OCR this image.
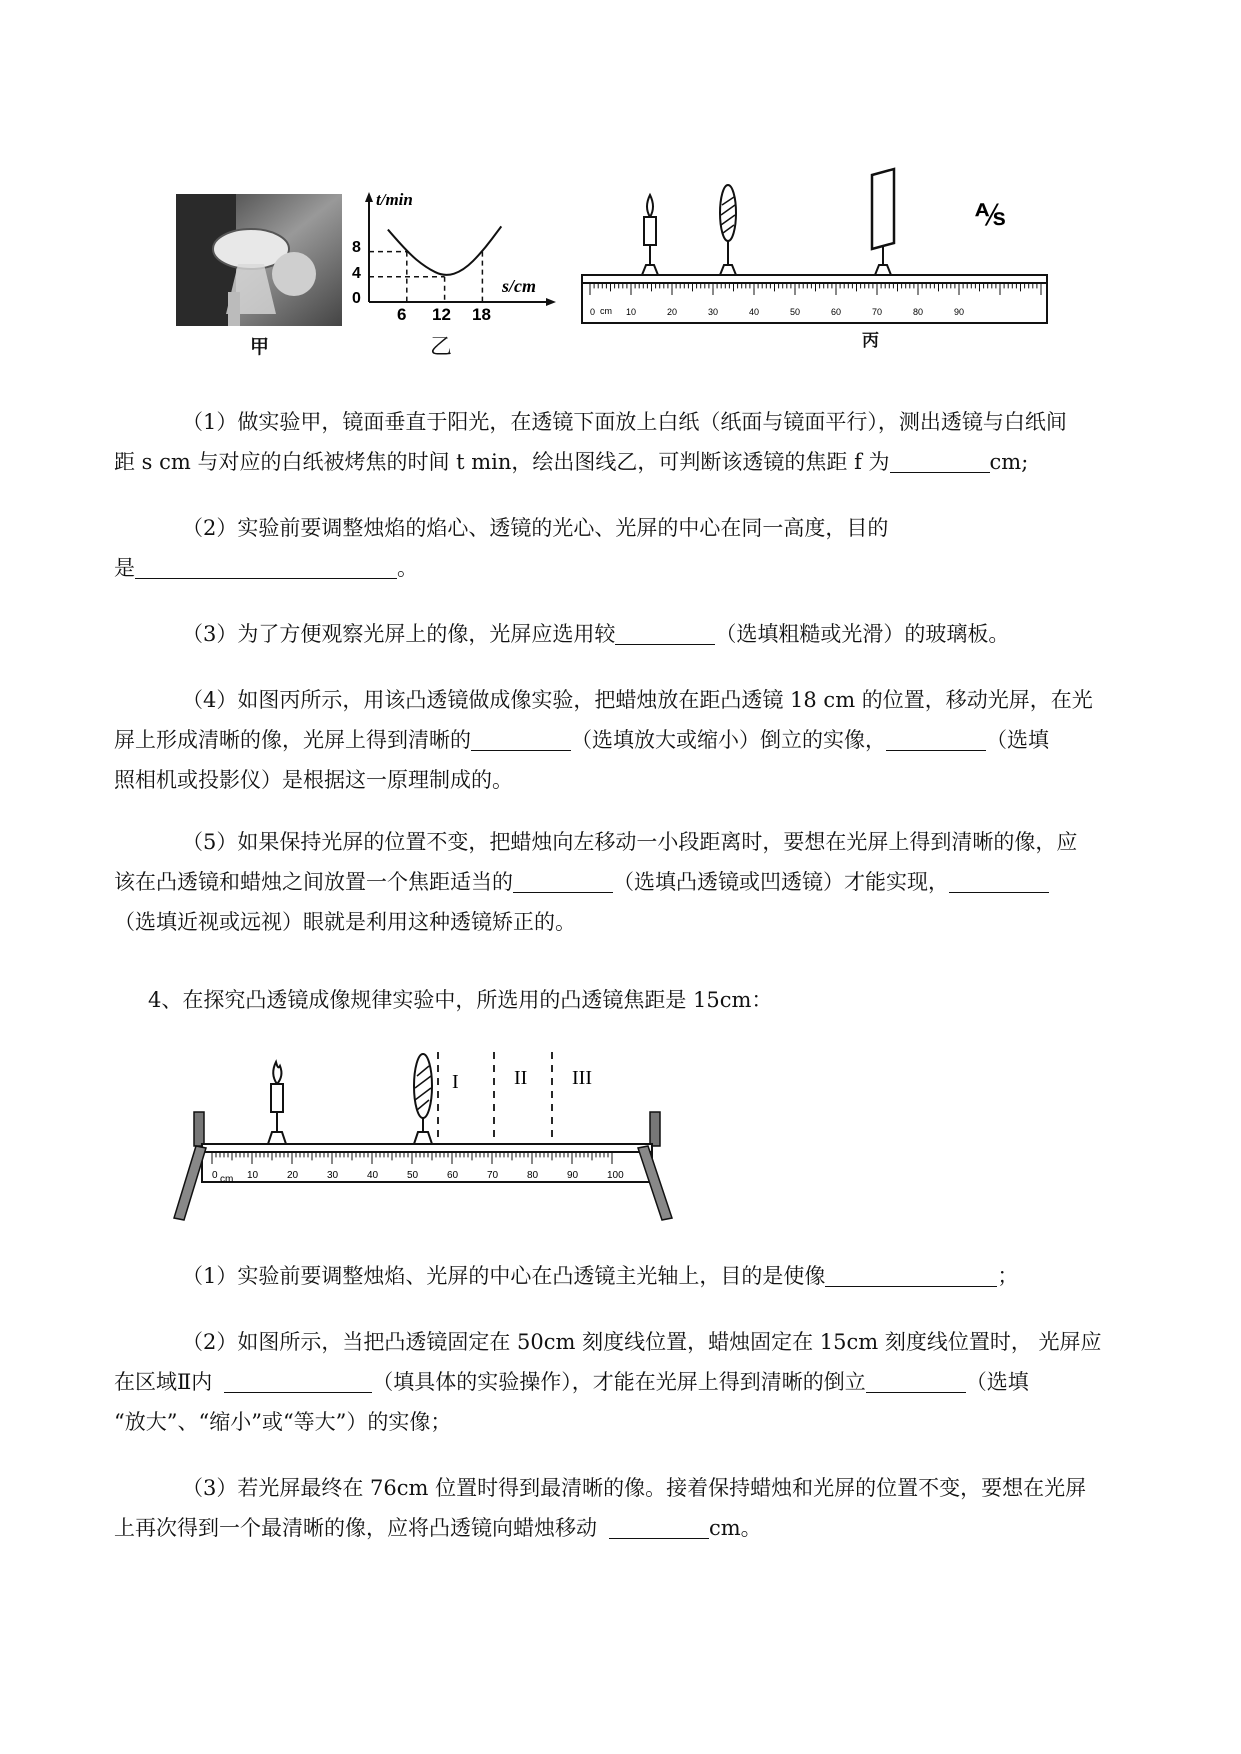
t/min
s/cm
8
4
0
6 12 18
甲	乙
⅍
0	10	20	30	40	50	60	70	80	90
cm
丙
（1）做实验甲，镜面垂直于阳光，在透镜下面放上白纸（纸面与镜面平行），测出透镜与白纸间
距 s cm 与对应的白纸被烤焦的时间 t min，绘出图线乙，可判断该透镜的焦距 f 为	cm;
（2）实验前要调整烛焰的焰心、透镜的光心、光屏的中心在同一高度，目的
是	。
（3）为了方便观察光屏上的像，光屏应选用较	（选填粗糙或光滑）的玻璃板。
（4）如图丙所示，用该凸透镜做成像实验，把蜡烛放在距凸透镜 18 cm 的位置，移动光屏，在光
屏上形成清晰的像，光屏上得到清晰的	（选填放大或缩小）倒立的实像，	（选填
照相机或投影仪）是根据这一原理制成的。
（5）如果保持光屏的位置不变，把蜡烛向左移动一小段距离时，要想在光屏上得到清晰的像，应
该在凸透镜和蜡烛之间放置一个焦距适当的	（选填凸透镜或凹透镜）才能实现，
（选填近视或远视）眼就是利用这种透镜矫正的。
4、在探究凸透镜成像规律实验中，所选用的凸透镜焦距是 15cm：
I	II III
0	10	20	30	40	50	60	70	80	90	100
cm
（1）实验前要调整烛焰、光屏的中心在凸透镜主光轴上，目的是使像	；
（2）如图所示，当把凸透镜固定在 50cm 刻度线位置，蜡烛固定在 15cm 刻度线位置时， 光屏应
在区域Ⅱ内	（填具体的实验操作），才能在光屏上得到清晰的倒立	（选填
“放大”、“缩小”或“等大”）的实像；
（3）若光屏最终在 76cm 位置时得到最清晰的像。接着保持蜡烛和光屏的位置不变，要想在光屏
上再次得到一个最清晰的像，应将凸透镜向蜡烛移动	cm。
